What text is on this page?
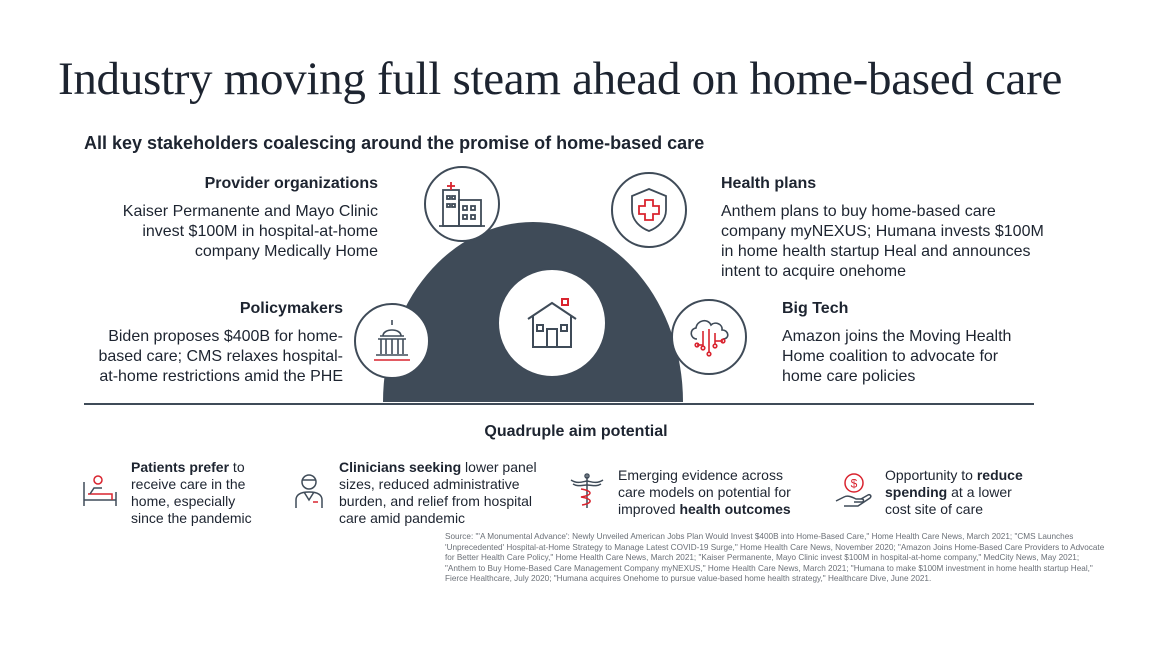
Industry moving full steam ahead on home-based care
All key stakeholders coalescing around the promise of home-based care
Provider organizations
Kaiser Permanente and Mayo Clinic
invest $100M in hospital-at-home
company Medically Home
Health plans
Anthem plans to buy home-based care
company myNEXUS; Humana invests $100M
in home health startup Heal and announces
intent to acquire onehome
Policymakers
Biden proposes $400B for home-
based care; CMS relaxes hospital-
at-home restrictions amid the PHE
Big Tech
Amazon joins the Moving Health
Home coalition to advocate for
home care policies
Quadruple aim potential
Patients prefer to
receive care in the
home, especially
since the pandemic
Clinicians seeking lower panel
sizes, reduced administrative
burden, and relief from hospital
care amid pandemic
Emerging evidence across
care models on potential for
improved health outcomes
$
Opportunity to reduce
spending at a lower
cost site of care
Source: "'A Monumental Advance': Newly Unveiled American Jobs Plan Would Invest $400B into Home-Based Care," Home Health Care News, March 2021; "CMS Launches 'Unprecedented' Hospital-at-Home Strategy to Manage Latest COVID-19 Surge," Home Health Care News, November 2020; "Amazon Joins Home-Based Care Providers to Advocate for Better Health Care Policy," Home Health Care News, March 2021; "Kaiser Permanente, Mayo Clinic invest $100M in hospital-at-home company," MedCity News, May 2021; "Anthem to Buy Home-Based Care Management Company myNEXUS," Home Health Care News, March 2021; "Humana to make $100M investment in home health startup Heal," Fierce Healthcare, July 2020; "Humana acquires Onehome to pursue value-based home health strategy," Healthcare Dive, June 2021.
